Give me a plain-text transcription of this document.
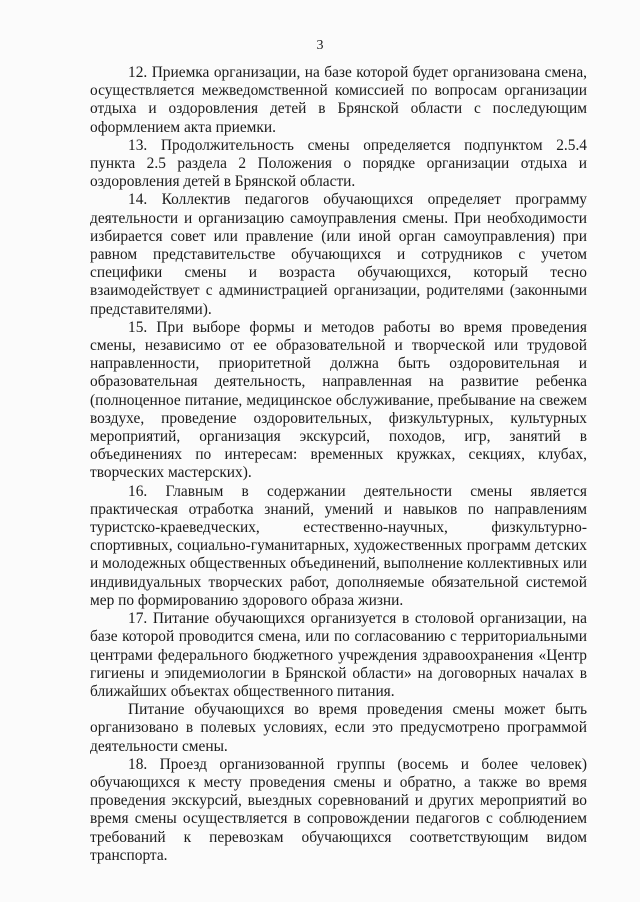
3

12. Приемка организации, на базе которой будет организована смена, осуществляется межведомственной комиссией по вопросам организации отдыха и оздоровления детей в Брянской области с последующим оформлением акта приемки.

13. Продолжительность смены определяется подпунктом 2.5.4 пункта 2.5 раздела 2 Положения о порядке организации отдыха и оздоровления детей в Брянской области.

14. Коллектив педагогов обучающихся определяет программу деятельности и организацию самоуправления смены. При необходимости избирается совет или правление (или иной орган самоуправления) при равном представительстве обучающихся и сотрудников с учетом специфики смены и возраста обучающихся, который тесно взаимодействует с администрацией организации, родителями (законными представителями).

15. При выборе формы и методов работы во время проведения смены, независимо от ее образовательной и творческой или трудовой направленности, приоритетной должна быть оздоровительная и образовательная деятельность, направленная на развитие ребенка (полноценное питание, медицинское обслуживание, пребывание на свежем воздухе, проведение оздоровительных, физкультурных, культурных мероприятий, организация экскурсий, походов, игр, занятий в объединениях по интересам: временных кружках, секциях, клубах, творческих мастерских).

16. Главным в содержании деятельности смены является практическая отработка знаний, умений и навыков по направлениям туристско-краеведческих, естественно-научных, физкультурно-спортивных, социально-гуманитарных, художественных программ детских и молодежных общественных объединений, выполнение коллективных или индивидуальных творческих работ, дополняемые обязательной системой мер по формированию здорового образа жизни.

17. Питание обучающихся организуется в столовой организации, на базе которой проводится смена, или по согласованию с территориальными центрами федерального бюджетного учреждения здравоохранения «Центр гигиены и эпидемиологии в Брянской области» на договорных началах в ближайших объектах общественного питания.

Питание обучающихся во время проведения смены может быть организовано в полевых условиях, если это предусмотрено программой деятельности смены.

18. Проезд организованной группы (восемь и более человек) обучающихся к месту проведения смены и обратно, а также во время проведения экскурсий, выездных соревнований и других мероприятий во время смены осуществляется в сопровождении педагогов с соблюдением требований к перевозкам обучающихся соответствующим видом транспорта.
